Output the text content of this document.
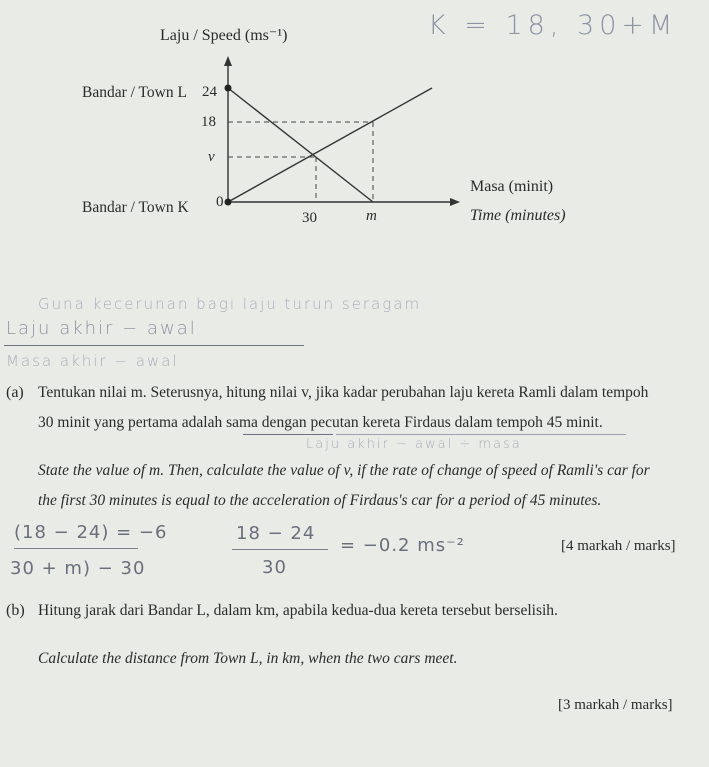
K = 18, 30+M
Laju / Speed (ms⁻¹)
Bandar / Town L
Bandar / Town K
24
18
v
0
30	m
Masa (minit)
Time (minutes)
Guna kecerunan bagi laju turun seragam
Laju akhir − awal
Masa akhir − awal
(a) Tentukan nilai m. Seterusnya, hitung nilai v, jika kadar perubahan laju kereta Ramli dalam tempoh
30 minit yang pertama adalah sama dengan pecutan kereta Firdaus dalam tempoh 45 minit.
Laju akhir − awal ÷ masa
State the value of m. Then, calculate the value of v, if the rate of change of speed of Ramli's car for
the first 30 minutes is equal to the acceleration of Firdaus's car for a period of 45 minutes.
(18 − 24) = −6
30 + m) − 30
18 − 24
30
= −0.2 ms⁻²	[4 markah / marks]
(b) Hitung jarak dari Bandar L, dalam km, apabila kedua-dua kereta tersebut berselisih.
Calculate the distance from Town L, in km, when the two cars meet.
[3 markah / marks]
